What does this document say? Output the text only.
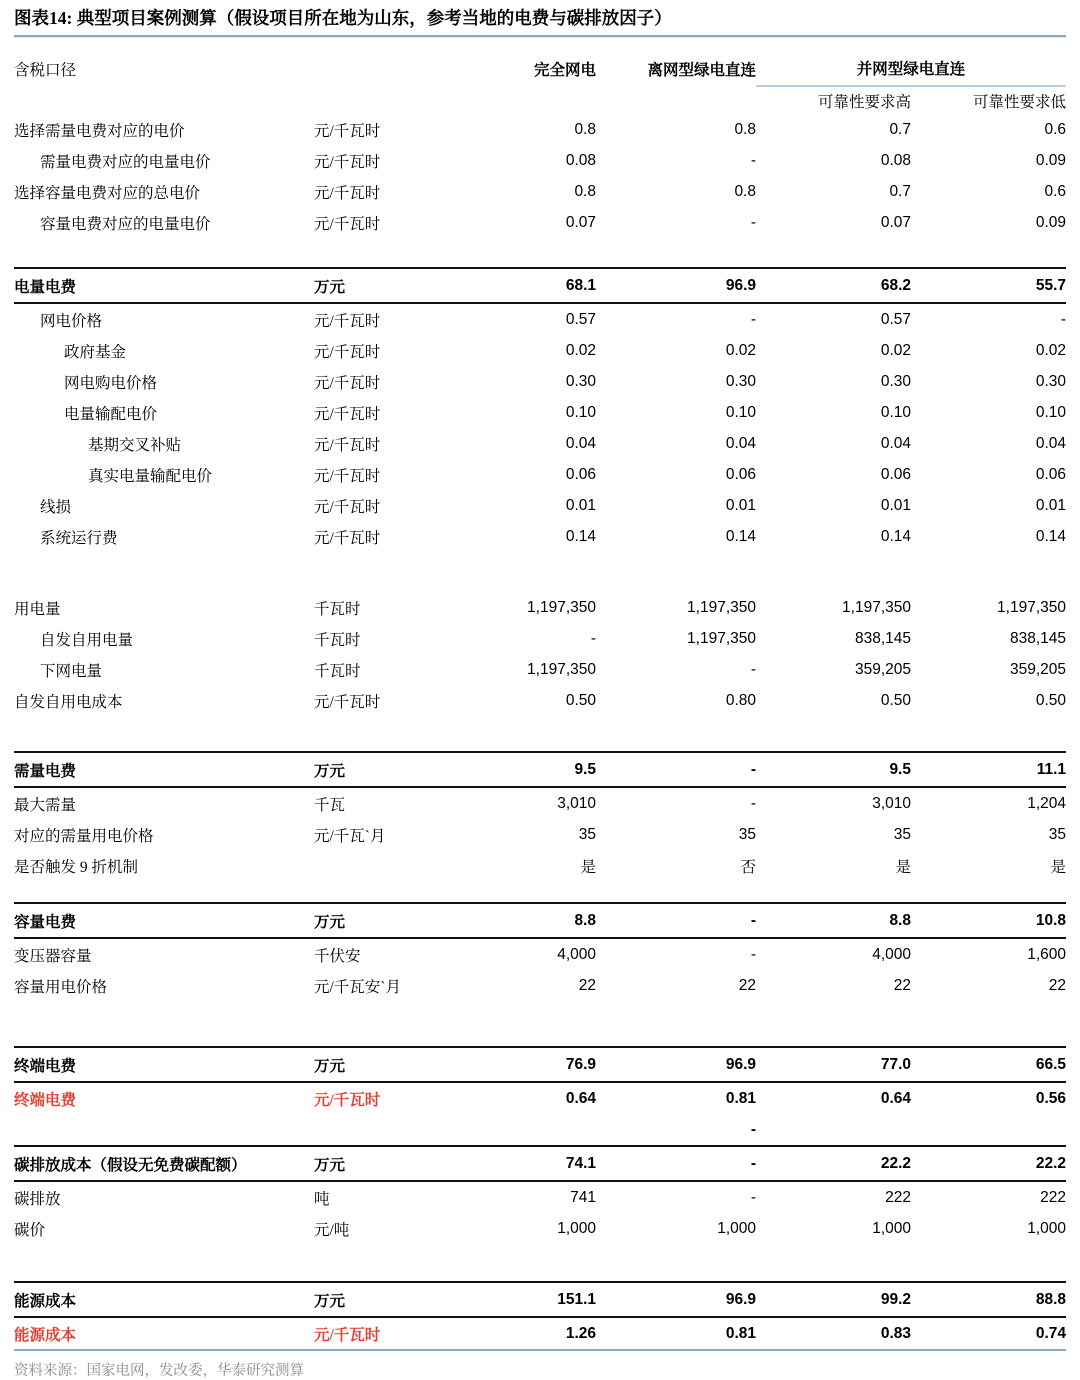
图表14: 典型项目案例测算（假设项目所在地为山东，参考当地的电费与碳排放因子）
含税口径		完全网电	离网型绿电直连	并网型绿电直连	
				可靠性要求高	可靠性要求低
选择需量电费对应的电价	元/千瓦时	0.8	0.8	0.7	0.6
需量电费对应的电量电价	元/千瓦时	0.08	-	0.08	0.09
选择容量电费对应的总电价	元/千瓦时	0.8	0.8	0.7	0.6
容量电费对应的电量电价	元/千瓦时	0.07	-	0.07	0.09

电量电费	万元	68.1	96.9	68.2	55.7
网电价格	元/千瓦时	0.57	-	0.57	-
政府基金	元/千瓦时	0.02	0.02	0.02	0.02
网电购电价格	元/千瓦时	0.30	0.30	0.30	0.30
电量输配电价	元/千瓦时	0.10	0.10	0.10	0.10
基期交叉补贴	元/千瓦时	0.04	0.04	0.04	0.04
真实电量输配电价	元/千瓦时	0.06	0.06	0.06	0.06
线损	元/千瓦时	0.01	0.01	0.01	0.01
系统运行费	元/千瓦时	0.14	0.14	0.14	0.14

用电量	千瓦时	1,197,350	1,197,350	1,197,350	1,197,350
自发自用电量	千瓦时	-	1,197,350	838,145	838,145
下网电量	千瓦时	1,197,350	-	359,205	359,205
自发自用电成本	元/千瓦时	0.50	0.80	0.50	0.50

需量电费	万元	9.5	-	9.5	11.1
最大需量	千瓦	3,010	-	3,010	1,204
对应的需量用电价格	元/千瓦`月	35	35	35	35
是否触发 9 折机制		是	否	是	是

容量电费	万元	8.8	-	8.8	10.8
变压器容量	千伏安	4,000	-	4,000	1,600
容量用电价格	元/千瓦安`月	22	22	22	22

终端电费	万元	76.9	96.9	77.0	66.5
终端电费	元/千瓦时	0.64	0.81	0.64	0.56
			-		
碳排放成本（假设无免费碳配额）	万元	74.1	-	22.2	22.2
碳排放	吨	741	-	222	222
碳价	元/吨	1,000	1,000	1,000	1,000

能源成本	万元	151.1	96.9	99.2	88.8
能源成本	元/千瓦时	1.26	0.81	0.83	0.74
资料来源：国家电网，发改委，华泰研究测算
